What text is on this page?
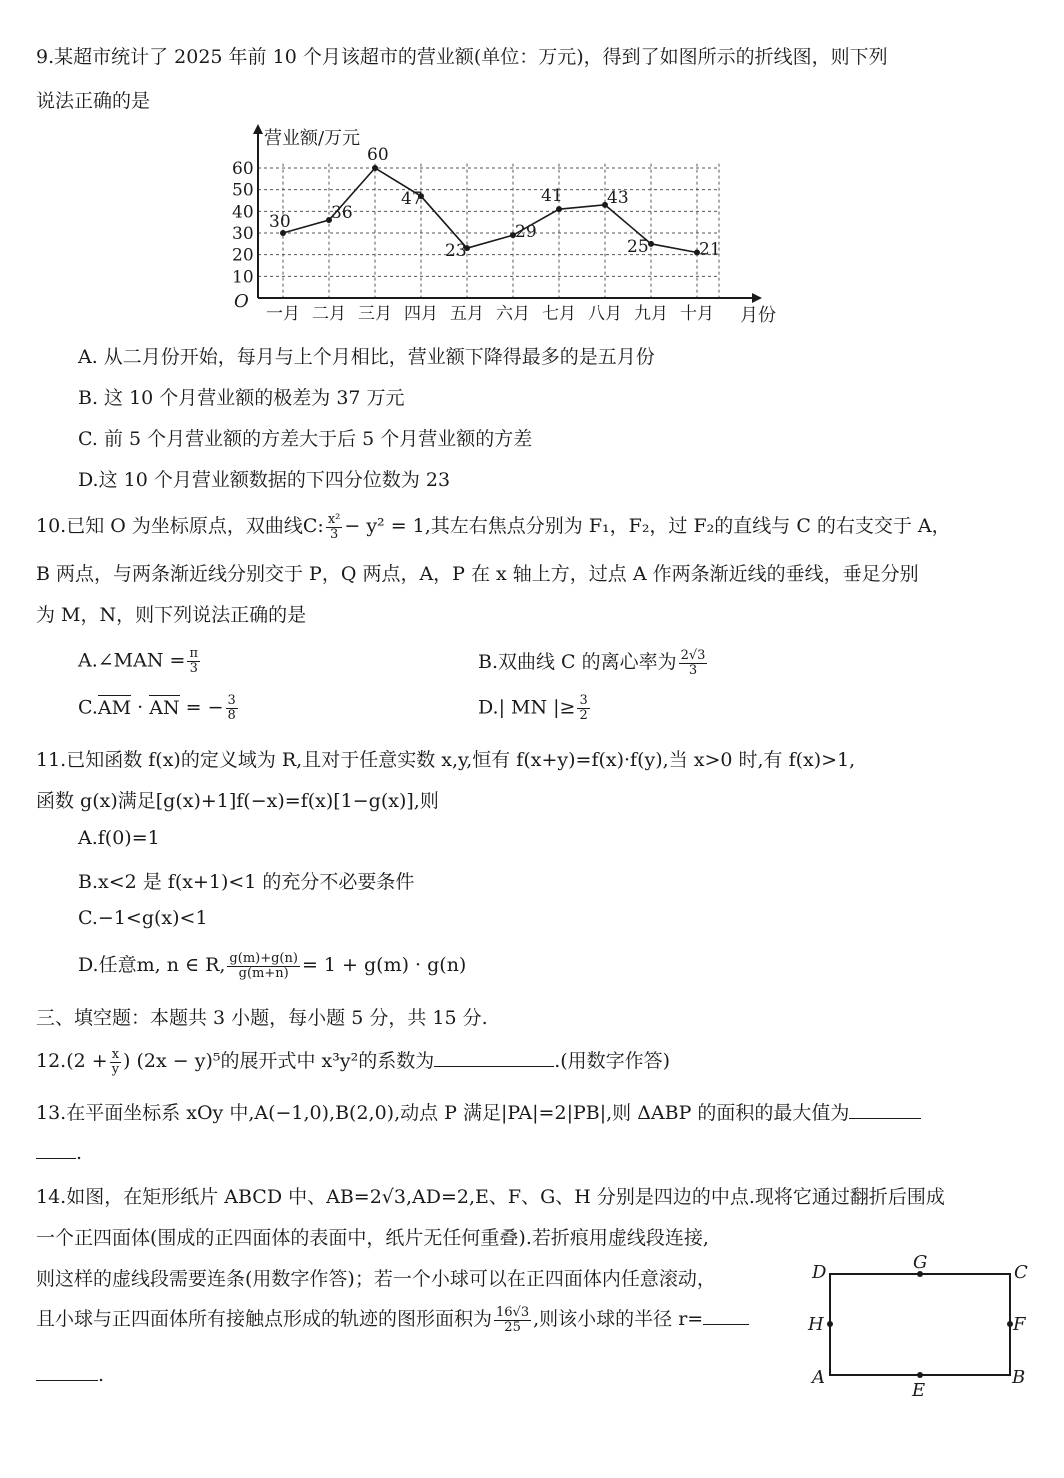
9.某超市统计了 2025 年前 10 个月该超市的营业额(单位：万元)，得到了如图所示的折线图，则下列
说法正确的是
10
20
30
40
50
60
30 36
60
47
23
29
41	43
25	21
一月 二月 三月 四月 五月 六月 七月 八月 九月 十月
营业额/万元
月份
O
A. 从二月份开始，每月与上个月相比，营业额下降得最多的是五月份
B. 这 10 个月营业额的极差为 37 万元
C. 前 5 个月营业额的方差大于后 5 个月营业额的方差
D.这 10 个月营业额数据的下四分位数为 23
10.已知 O 为坐标原点，双曲线C: $\frac{\text{x²}}{3} - y^2 = 1$,其左右焦点分别为 F₁，F₂，过 F₂的直线与 C 的右支交于 A，
B 两点，与两条渐近线分别交于 P，Q 两点，A，P 在 x 轴上方，过点 A 作两条渐近线的垂线，垂足分别
为 M，N，则下列说法正确的是
A.∠MAN = $\frac{\pi}{3}$	B.双曲线 C 的离心率为 $\frac{2√3}{3}$
C.
AM · AN = − $\frac{3}{8}$	D.| MN |≥ $\frac{3}{2}$
11.已知函数 f(x)的定义域为 R,且对于任意实数 x,y,恒有 f(x+y)=f(x)·f(y),当 x>0 时,有 f(x)>1,
函数 g(x)满足[g(x)+1]f(−x)=f(x)[1−g(x)],则
A.f(0)=1
B.x<2 是 f(x+1)<1 的充分不必要条件
C.−1<g(x)<1
D.任意m, n ∈ R, $\frac{g(m)+g(n)}{g(m+n)} = 1 + g(m) \cdot g(n)$
三、填空题：本题共 3 小题，每小题 5 分，共 15 分.
$12.(2 + \frac{x}{y}$ ) (2x − y)⁵的展开式中 x³y²的系数为	.(用数字作答)
13.在平面坐标系 xOy 中,A(−1,0),B(2,0),动点 P 满足|PA|=2|PB|,则 ΔABP 的面积的最大值为
.
14.如图，在矩形纸片 ABCD 中、AB=2√3,AD=2,E、F、G、H 分别是四边的中点.现将它通过翻折后围成
一个正四面体(围成的正四面体的表面中，纸片无任何重叠).若折痕用虚线段连接,
则这样的虚线段需要连条(用数字作答)；若一个小球可以在正四面体内任意滚动，
且小球与正四面体所有接触点形成的轨迹的图形面积为 $\frac{16√3}{25}$ ,则该小球的半径 r=
.
D	G	C
H	F
A
E
B
